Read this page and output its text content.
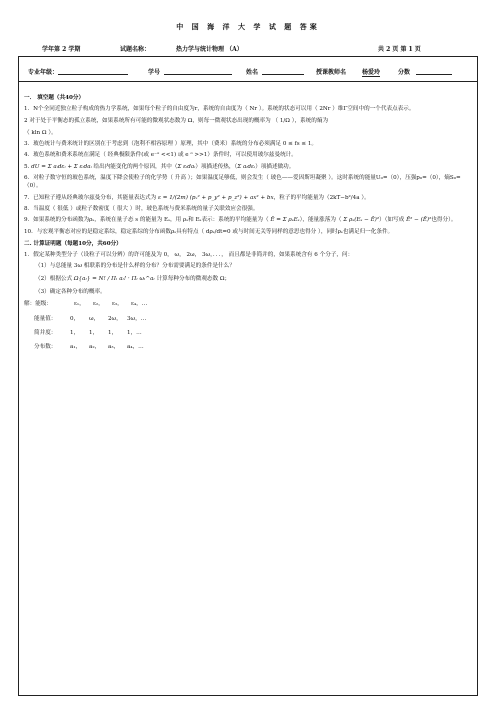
中 国 海 洋 大 学 试 题 答案
学年第 2 学期	试题名称：	热力学与统计物理 （A）	共 2 页 第 1 页
专业年级：	学号	姓名	授课教师名	杨爱玲	分数

一． 填空题（共40分）

1．N个全同近独立粒子构成的热力学系统，如果每个粒子的自由度为r，系统的自由度为（ Nr ）。系统的状态可以用（ 2Nr ）维Γ空间中的一个代表点表示。

2 对于处于平衡态的孤立系统，如果系统所有可能的微观状态数为 Ω，则每一微观状态出现的概率为 （ 1/Ω ），系统的熵为

（ kln Ω ）。

3．玻色统计与费米统计的区别在于考虑到（泡利不相容原理 ）原理，其中（费米）系统的分布必须满足 0 ≤ fs ≤ 1。

4．玻色系统和费米系统在满足（ 经典极限条件(或 e⁻ᵅ <<1) 或 e ᵅ >>1）条件时，可以使用玻尔兹曼统计。

5. dU = Σ aᵢdεᵢ + Σ εᵢdaᵢ 给出内能变化的两个原因，其中（Σ εᵢdaᵢ）项描述传热，（Σ aᵢdεᵢ）项描述做功。

6．对粒子数守恒的玻色系统，温度下降会使粒子的化学势（ 升高 ）；如果温度足够低，则会发生（ 玻色——爱因斯坦凝聚 ）。这时系统的能量U₀=（0），压强p₀=（0），熵S₀=（0）。

7．已知粒子遵从经典玻尔兹曼分布，其能量表达式为 ε = 1/(2m) (pₓ² + p_y² + p_z²) + ax² + bx，粒子的平均能量为（2kT−b²/4a ）。

8．当温度（ 很低 ）或粒子数密度（ 很大 ）时，玻色系统与费米系统的量子关联效应会很强。

9．如果系统的分布函数为ρₛ，系统在量子态 s 的能量为 Eₛ，用 ρₛ和 Eₛ表示：系统的平均能量为（ Ē = Σ ρₛEₛ），能量涨落为（ Σ ρₛ(Eₛ − Ē)²）（如写成 Ē² − (Ē)²也得分）。

10．与宏观平衡态对应的是稳定系综，稳定系综的分布函数ρₛ具有特点（ dρₛ/dt=0 或与时间无关等同样的意思也得分 ），同时ρₛ也满足归一化条件。

二. 计算证明题（每题10分，共60分）

1．假定某种类型分子（设粒子可以分辨）的许可能及为 0， ω， 2ω， 3ω，．．．， 而且都是非简并的，如果系统含有 6 个分子，问：

（1）与总能量 3ω 相联系的分布是什么样的分布？分布需要满足的条件是什么？

（2）根据公式 Ω{aₗ} = N! / Πₗ aₗ! · Πₗ ωₗ^aₗ 计算每种分布的微观态数 Ω；

（3）确定各种分布的概率。

解：能级：	ε₁， ε₂， ε₃， ε₄，…

能量值：	0， ω， 2ω， 3ω，…

简并度：	1， 1， 1， 1，…

分布数：	a₁， a₂， a₃， a₄，…
